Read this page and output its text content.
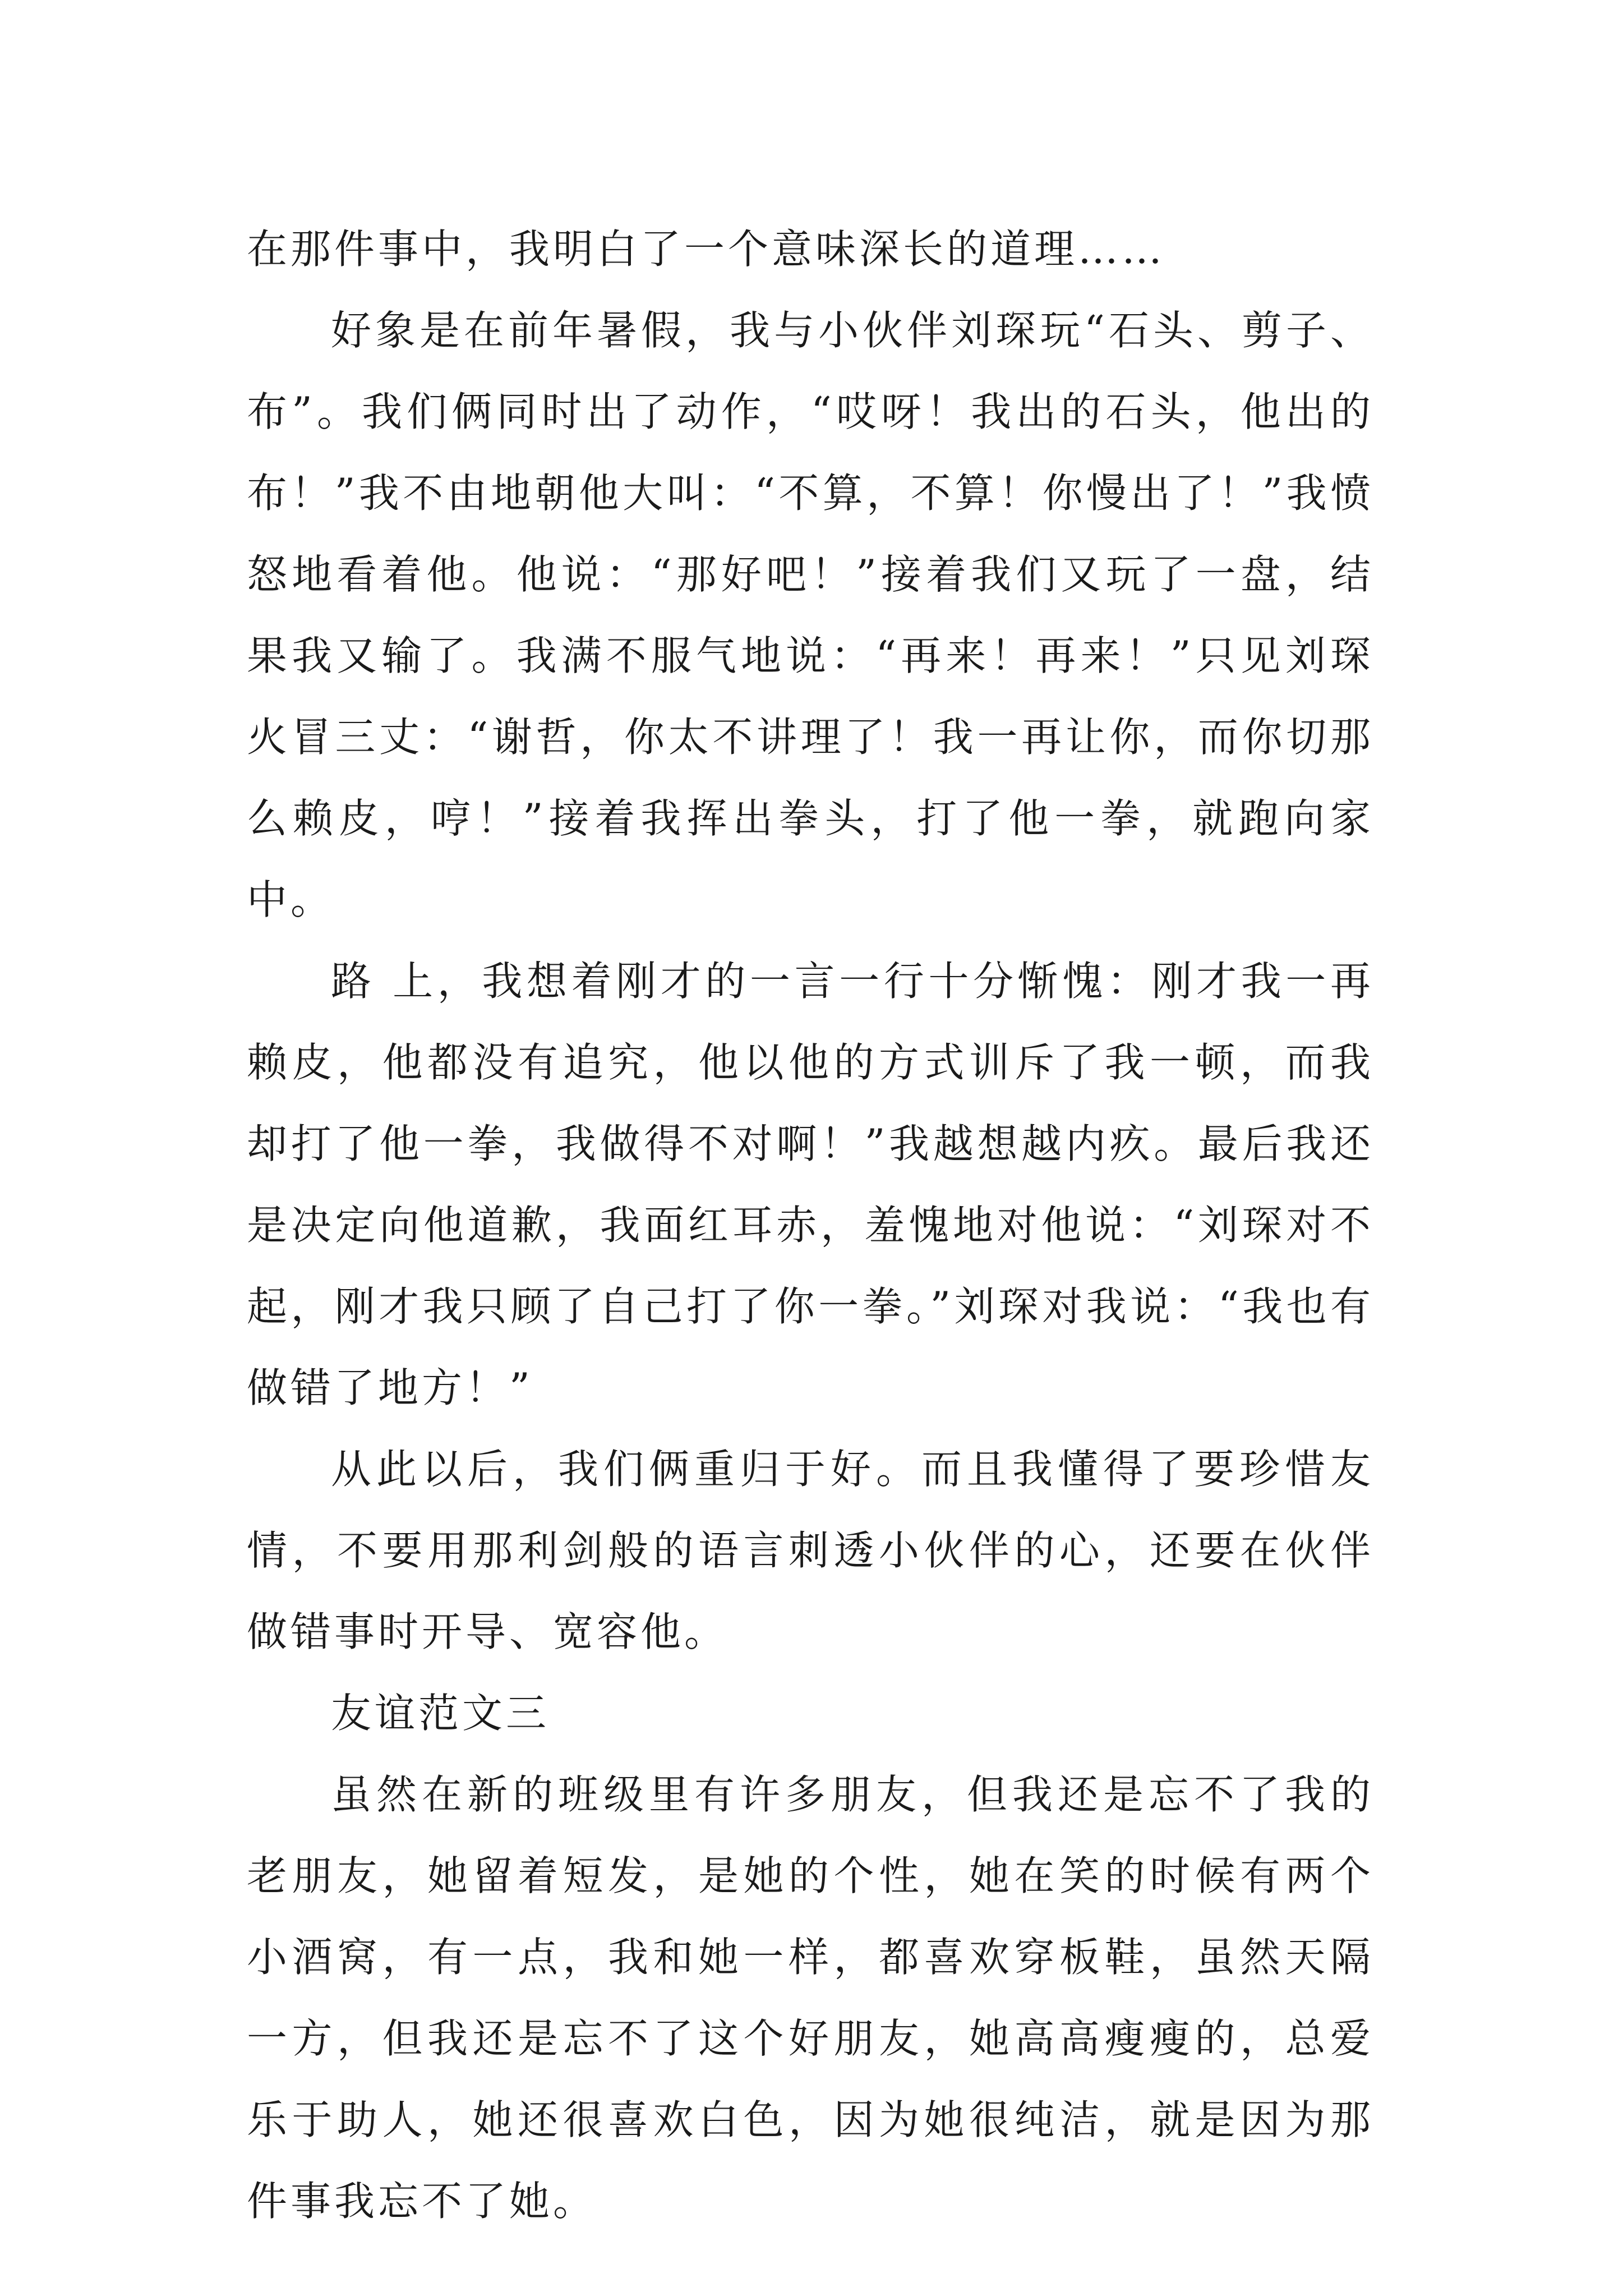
在那件事中，我明白了一个意味深长的道理……

好象是在前年暑假，我与小伙伴刘琛玩“石头、剪子、布”。我们俩同时出了动作，“哎呀！我出的石头，他出的布！”我不由地朝他大叫：“不算，不算！你慢出了！”我愤怒地看着他。他说：“那好吧！”接着我们又玩了一盘，结果我又输了。我满不服气地说：“再来！再来！”只见刘琛火冒三丈：“谢哲，你太不讲理了！我一再让你，而你切那么赖皮，哼！”接着我挥出拳头，打了他一拳，就跑向家中。

路 上，我想着刚才的一言一行十分惭愧：刚才我一再赖皮，他都没有追究，他以他的方式训斥了我一顿，而我却打了他一拳，我做得不对啊！”我越想越内疚。最后我还是决定向他道歉，我面红耳赤，羞愧地对他说：“刘琛对不起，刚才我只顾了自己打了你一拳。”刘琛对我说：“我也有做错了地方！”

从此以后，我们俩重归于好。而且我懂得了要珍惜友情，不要用那利剑般的语言刺透小伙伴的心，还要在伙伴做错事时开导、宽容他。

友谊范文三

虽然在新的班级里有许多朋友，但我还是忘不了我的老朋友，她留着短发，是她的个性，她在笑的时候有两个小酒窝，有一点，我和她一样，都喜欢穿板鞋，虽然天隔一方，但我还是忘不了这个好朋友，她高高瘦瘦的，总爱乐于助人，她还很喜欢白色，因为她很纯洁，就是因为那件事我忘不了她。
